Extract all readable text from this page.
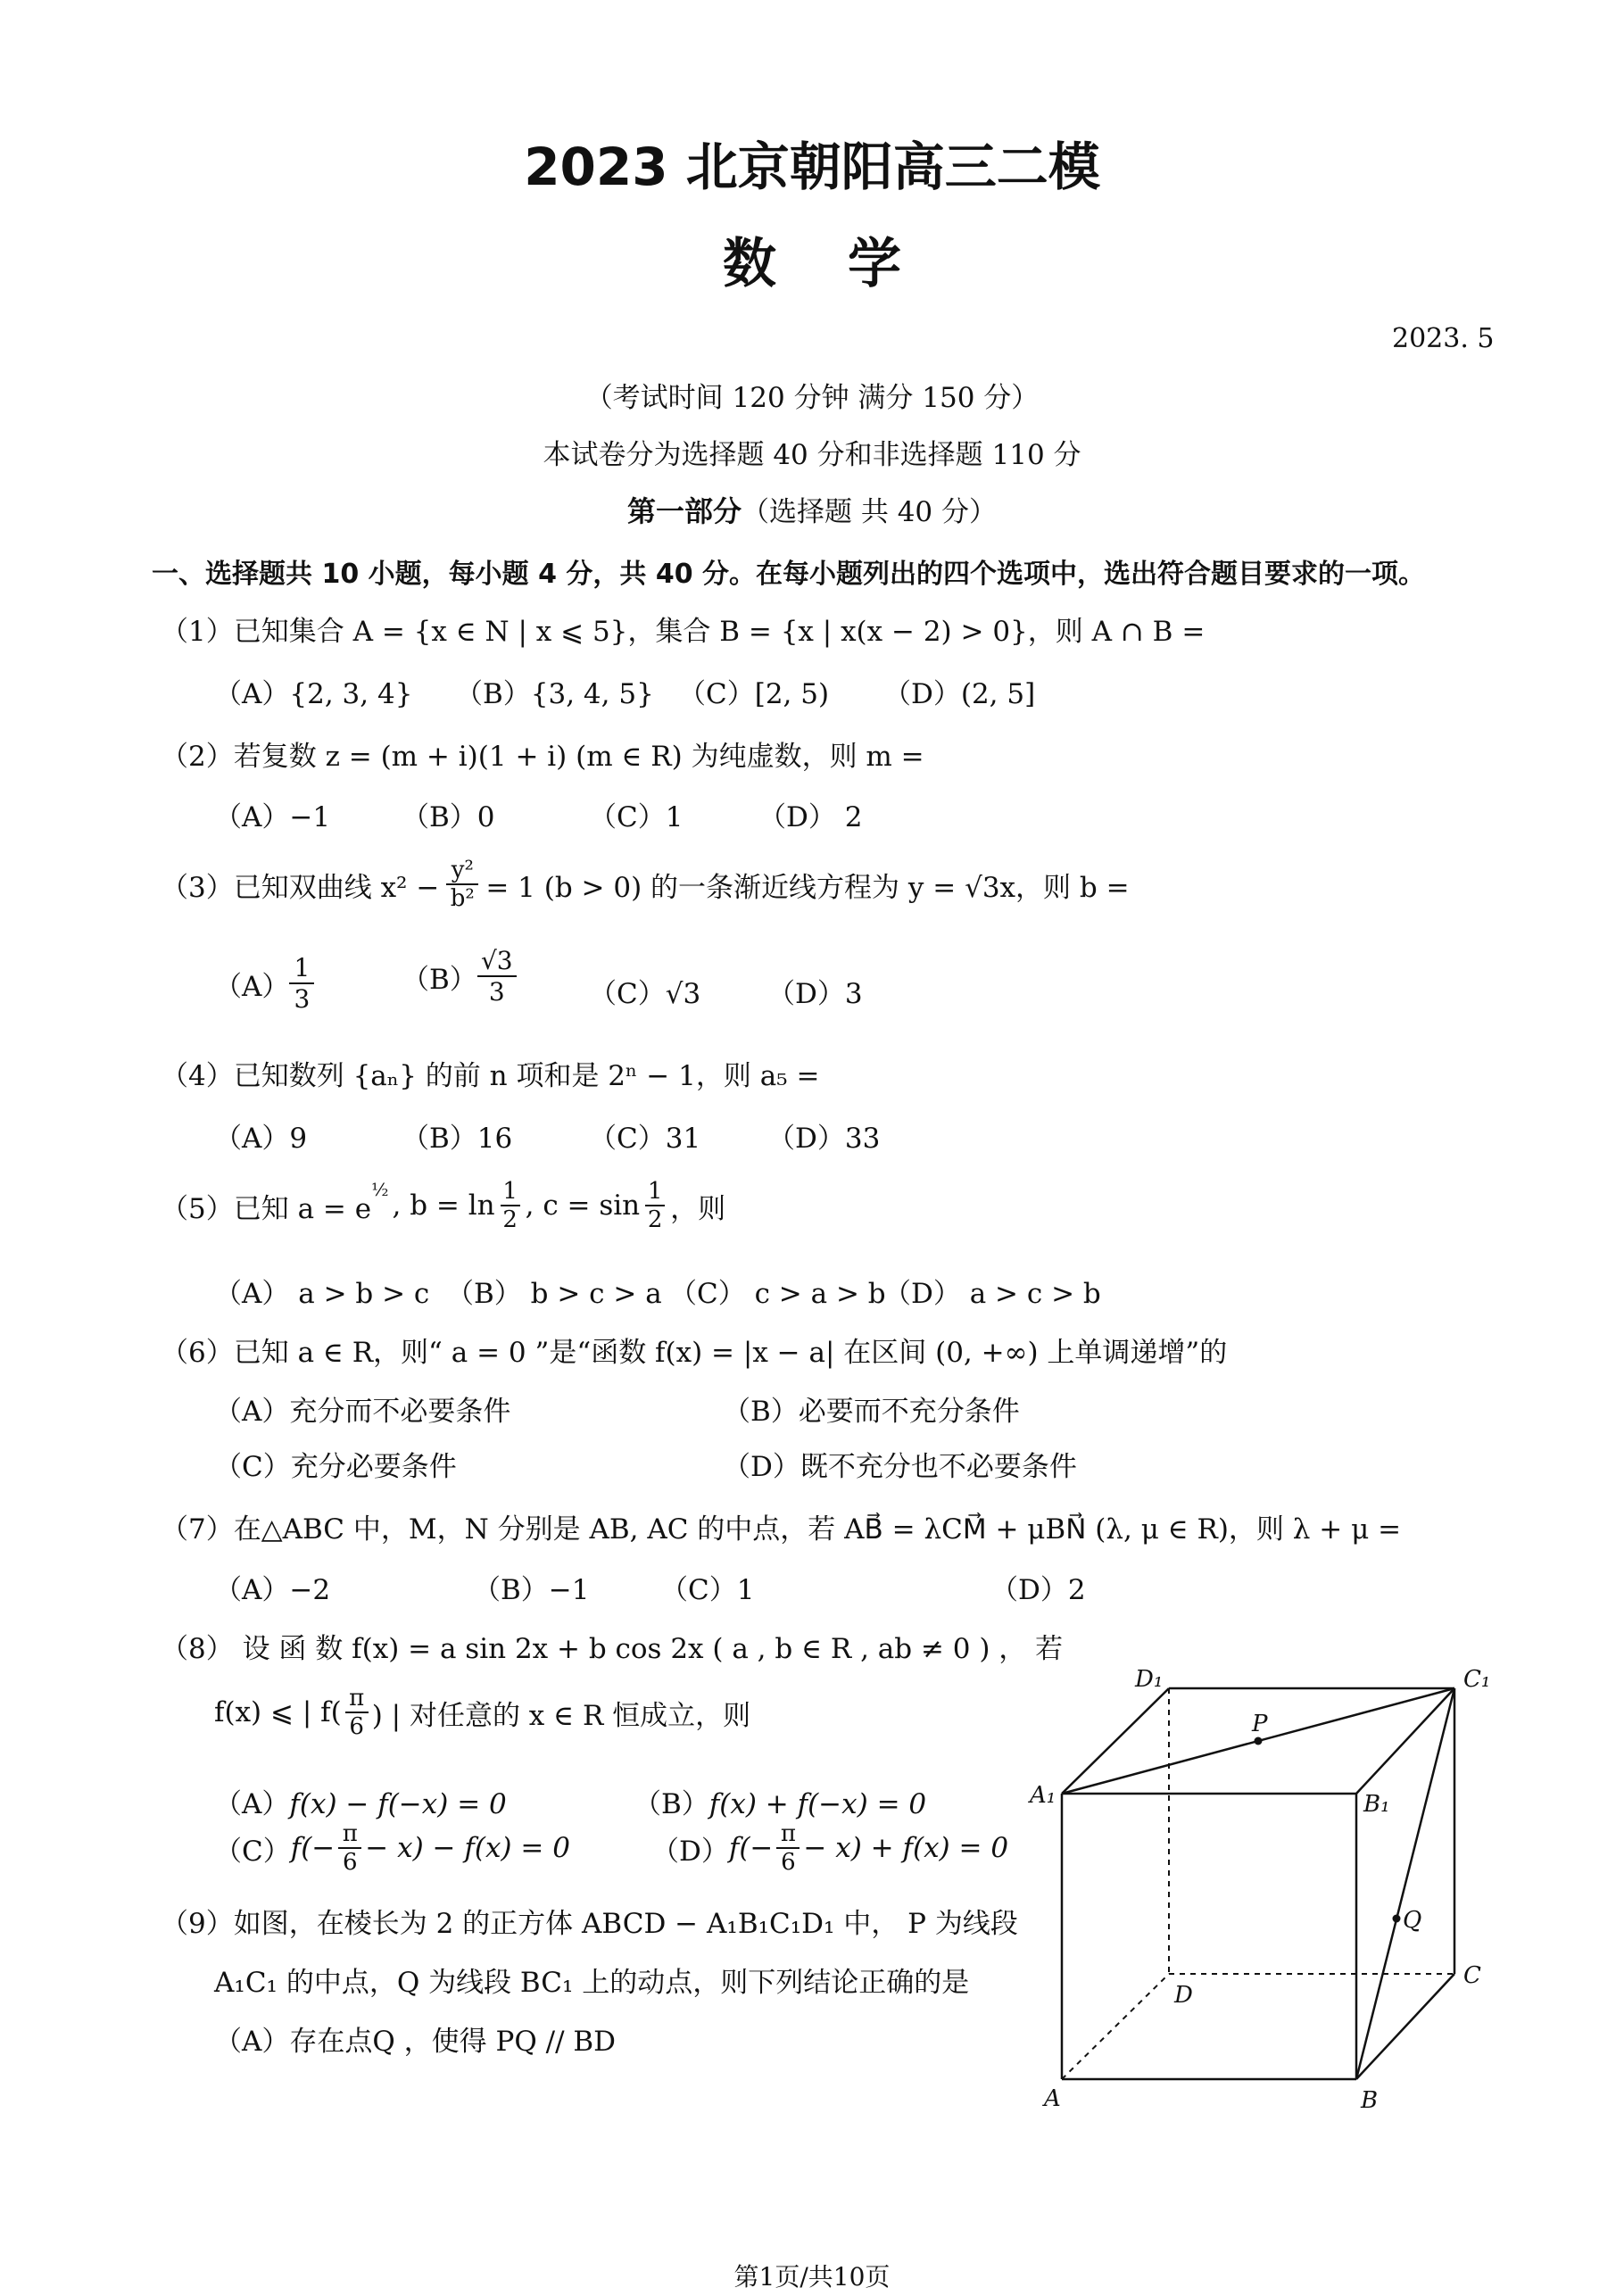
2023 北京朝阳高三二模
数学
2023. 5
（考试时间 120 分钟 满分 150 分）
本试卷分为选择题 40 分和非选择题 110 分
第一部分（选择题 共 40 分）
一、选择题共 10 小题，每小题 4 分，共 40 分。在每小题列出的四个选项中，选出符合题目要求的一项。
（1）已知集合 A = {x ∈ N | x ⩽ 5}，集合 B = {x | x(x − 2) > 0}，则 A ∩ B =
（A）{2, 3, 4} （B）{3, 4, 5} （C）[2, 5) （D）(2, 5]
（2）若复数 z = (m + i)(1 + i) (m ∈ R) 为纯虚数，则 m =
（A）−1	（B）0	（C）1	（D） 2
（3）已知双曲线 x² −
y²
b² = 1 (b > 0) 的一条渐近线方程为 y = √3x，则 b =
（A）
1
3
（B）
√3
3	（C）√3 （D）3
（4）已知数列 {aₙ} 的前 n 项和是 2ⁿ − 1，则 a₅ =
（A）9	（B）16	（C）31 （D）33
（5）已知 a = e
½ , b = ln 1
2 , c = sin 1
2 ，则
（A） a > b > c （B） b > c > a （C） c > a > b
（D） a > c > b
（6）已知 a ∈ R，则“ a = 0 ”是“函数 f(x) = |x − a| 在区间 (0, +∞) 上单调递增”的
（A）充分而不必要条件	（B）必要而不充分条件
（C）充分必要条件	（D）既不充分也不必要条件
（7）在△ABC 中，M，N 分别是 AB, AC 的中点，若 AB⃗ = λCM⃗ + μBN⃗ (λ, μ ∈ R)，则 λ + μ =
（A）−2	（B）−1	（C）1	（D）2
（8） 设 函 数 f(x) = a sin 2x + b cos 2x ( a , b ∈ R , ab ≠ 0 ) ， 若
f(x) ⩽ | f( π
6 ) | 对任意的 x ∈ R 恒成立，则
（A）f(x) − f(−x) = 0	（B）f(x) + f(−x) = 0
（C） f(− π
6 − x) − f(x) = 0	（D） f(− π
6 − x) + f(x) = 0
（9）如图，在棱长为 2 的正方体 ABCD − A₁B₁C₁D₁ 中， P 为线段
A₁C₁ 的中点，Q 为线段 BC₁ 上的动点，则下列结论正确的是
（A）存在点Q ，使得 PQ // BD
D₁	C₁
P
A₁	B₁
Q
D
C
A	B
第1页/共10页
